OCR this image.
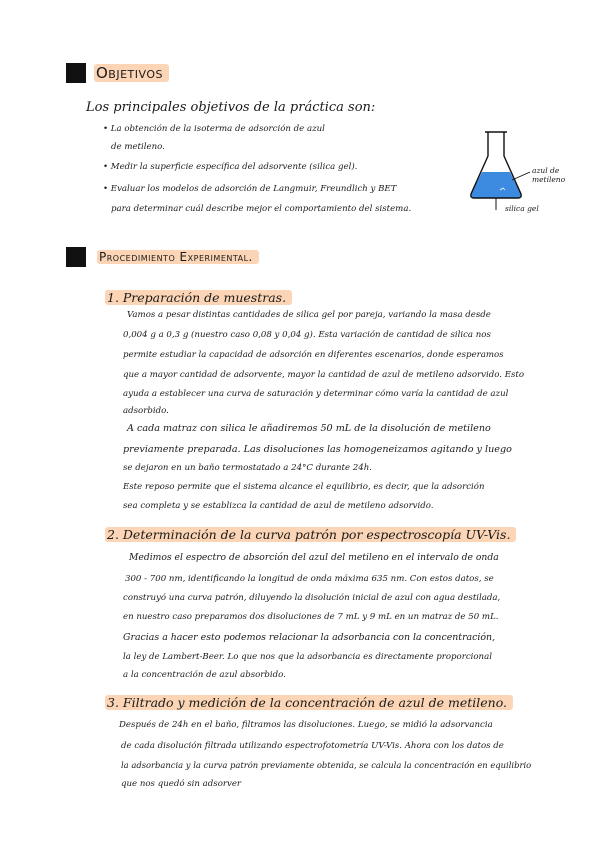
Objetivos
Los principales objetivos de la práctica son:
• La obtención de la isoterma de adsorción de azul
de metileno.
• Medir la superficie específica del adsorvente (silica gel).
• Evaluar los modelos de adsorción de Langmuir, Freundlich y BET
para determinar cuál describe mejor el comportamiento del sistema.
azul de metileno
silica gel
Procedimiento Experimental.
1. Preparación de muestras.
Vamos a pesar distintas cantidades de silica gel por pareja, variando la masa desde
0,004 g a 0,3 g (nuestro caso 0,08 y 0,04 g). Esta variación de cantidad de silica nos
permite estudiar la capacidad de adsorción en diferentes escenarios, donde esperamos
que a mayor cantidad de adsorvente, mayor la cantidad de azul de metileno adsorvido. Esto
ayuda a establecer una curva de saturación y determinar cómo varía la cantidad de azul
adsorbido.
A cada matraz con silica le añadiremos 50 mL de la disolución de metileno
previamente preparada. Las disoluciones las homogeneizamos agitando y luego
se dejaron en un baño termostatado a 24°C durante 24h.
Este reposo permite que el sistema alcance el equilibrio, es decir, que la adsorción
sea completa y se establizca la cantidad de azul de metileno adsorvido.
2. Determinación de la curva patrón por espectroscopía UV-Vis.
Medimos el espectro de absorción del azul del metileno en el intervalo de onda
300 - 700 nm, identificando la longitud de onda máxima 635 nm. Con estos datos, se
construyó una curva patrón, diluyendo la disolución inicial de azul con agua destilada,
en nuestro caso preparamos dos disoluciones de 7 mL y 9 mL en un matraz de 50 mL.
Gracias a hacer esto podemos relacionar la adsorbancia con la concentración,
la ley de Lambert-Beer. Lo que nos que la adsorbancia es directamente proporcional
a la concentración de azul absorbido.
3. Filtrado y medición de la concentración de azul de metileno.
Después de 24h en el baño, filtramos las disoluciones. Luego, se midió la adsorvancia
de cada disolución filtrada utilizando espectrofotometría UV-Vis. Ahora con los datos de
la adsorbancia y la curva patrón previamente obtenida, se calcula la concentración en equilibrio
que nos quedó sin adsorver
